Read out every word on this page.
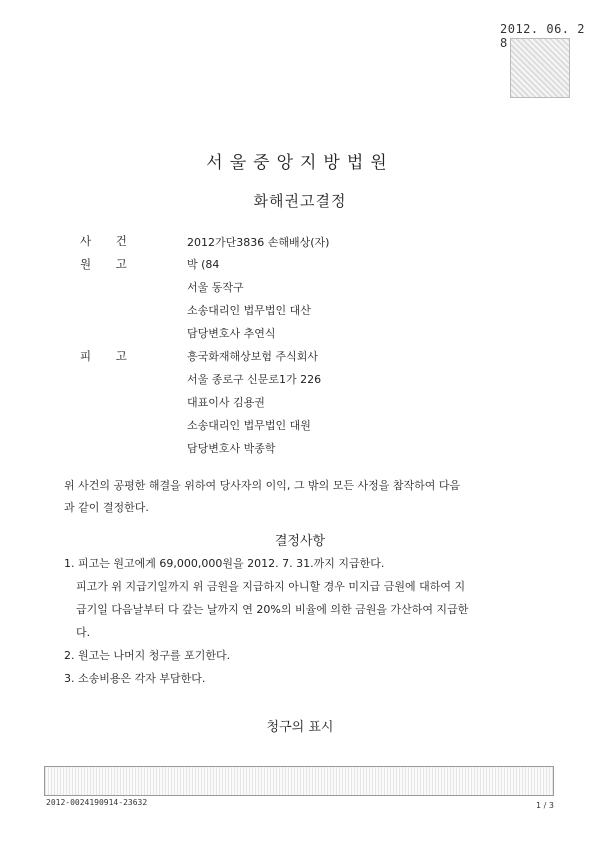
2012. 06. 2 8
서울중앙지방법원
화해권고결정
사    건	2012가단3836 손해배상(자)
원    고	박 (84
서울 동작구
소송대리인 법무법인 대산
담당변호사 추연식
피    고	흥국화재해상보험 주식회사
서울 종로구 신문로1가 226
대표이사 김용권
소송대리인 법무법인 대원
담당변호사 박종학
위 사건의 공평한 해결을 위하여 당사자의 이익, 그 밖의 모든 사정을 참작하여 다음
과 같이 결정한다.
결정사항
1. 피고는 원고에게 69,000,000원을 2012. 7. 31.까지 지급한다.
피고가 위 지급기일까지 위 금원을 지급하지 아니할 경우 미지급 금원에 대하여 지
급기일 다음날부터 다 갚는 날까지 연 20%의 비율에 의한 금원을 가산하여 지급한
다.
2. 원고는 나머지 청구를 포기한다.
3. 소송비용은 각자 부담한다.
청구의 표시
2012-0024190914-23632	1 / 3
